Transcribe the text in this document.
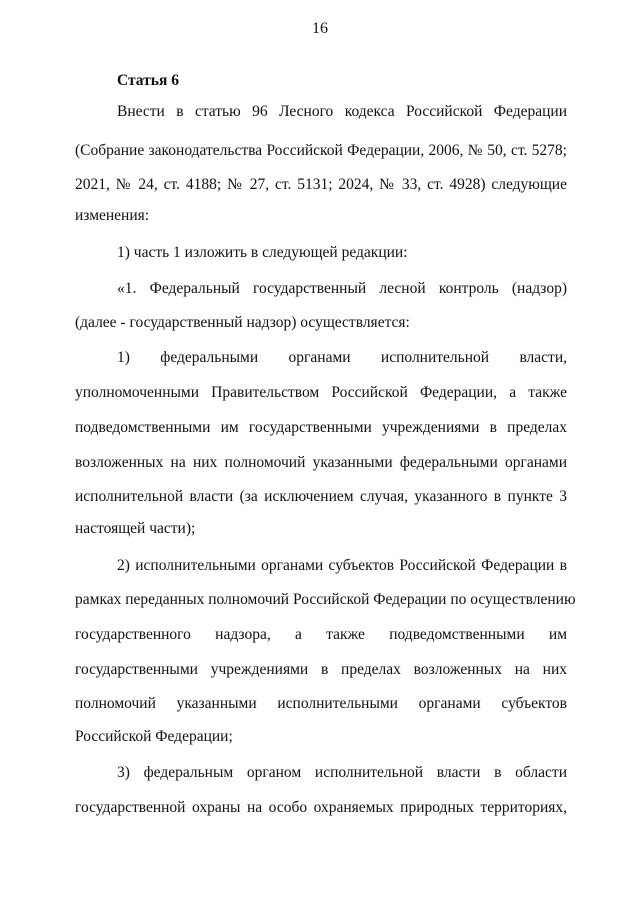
16
Статья 6
Внести в статью 96 Лесного кодекса Российской Федерации
(Собрание законодательства Российской Федерации, 2006, № 50, ст. 5278;
2021, № 24, ст. 4188; № 27, ст. 5131; 2024, № 33, ст. 4928) следующие
изменения:
1) часть 1 изложить в следующей редакции:
«1. Федеральный государственный лесной контроль (надзор)
(далее - государственный надзор) осуществляется:
1) федеральными органами исполнительной власти,
уполномоченными Правительством Российской Федерации, а также
подведомственными им государственными учреждениями в пределах
возложенных на них полномочий указанными федеральными органами
исполнительной власти (за исключением случая, указанного в пункте 3
настоящей части);
2) исполнительными органами субъектов Российской Федерации в
рамках переданных полномочий Российской Федерации по осуществлению
государственного надзора, а также подведомственными им
государственными учреждениями в пределах возложенных на них
полномочий указанными исполнительными органами субъектов
Российской Федерации;
3) федеральным органом исполнительной власти в области
государственной охраны на особо охраняемых природных территориях,
